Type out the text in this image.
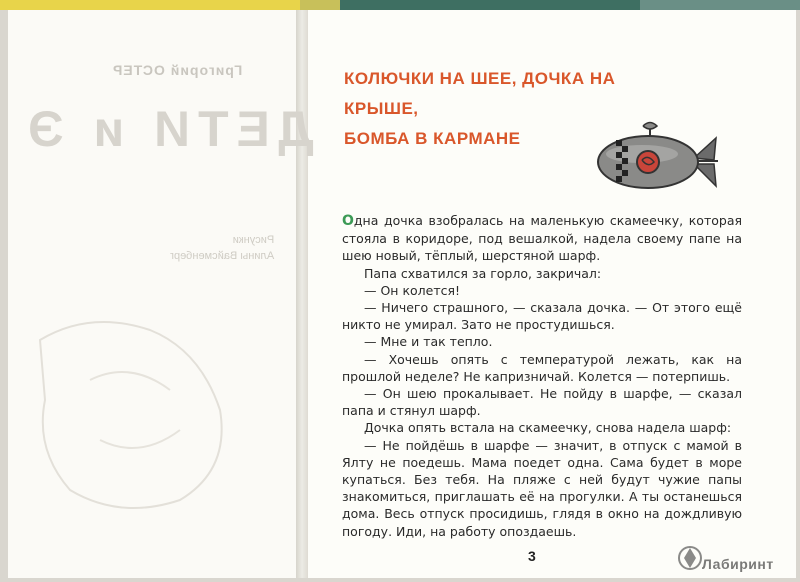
Григорий ОСТЕР
ДЕТИ и Э
Рисунки
Алины Вайсменберг
КОЛЮЧКИ НА ШЕЕ, ДОЧКА НА КРЫШЕ,
БОМБА В КАРМАНЕ

Одна дочка взобралась на маленькую скамеечку, которая стояла в коридоре, под вешалкой, надела своему папе на шею новый, тёплый, шерстяной шарф.

Папа схватился за горло, закричал:

— Он колется!

— Ничего страшного, — сказала дочка. — От этого ещё никто не умирал. Зато не простудишься.

— Мне и так тепло.

— Хочешь опять с температурой лежать, как на прошлой неделе? Не капризничай. Колется — потерпишь.

— Он шею прокалывает. Не пойду в шарфе, — сказал папа и стянул шарф.

Дочка опять встала на скамеечку, снова надела шарф:

— Не пойдёшь в шарфе — значит, в отпуск с мамой в Ялту не поедешь. Мама поедет одна. Сама будет в море купаться. Без тебя. На пляже с ней будут чужие папы знакомиться, приглашать её на прогулки. А ты останешься дома. Весь отпуск просидишь, глядя в окно на дождливую погоду. Иди, на работу опоздаешь.

3	Лабиринт
